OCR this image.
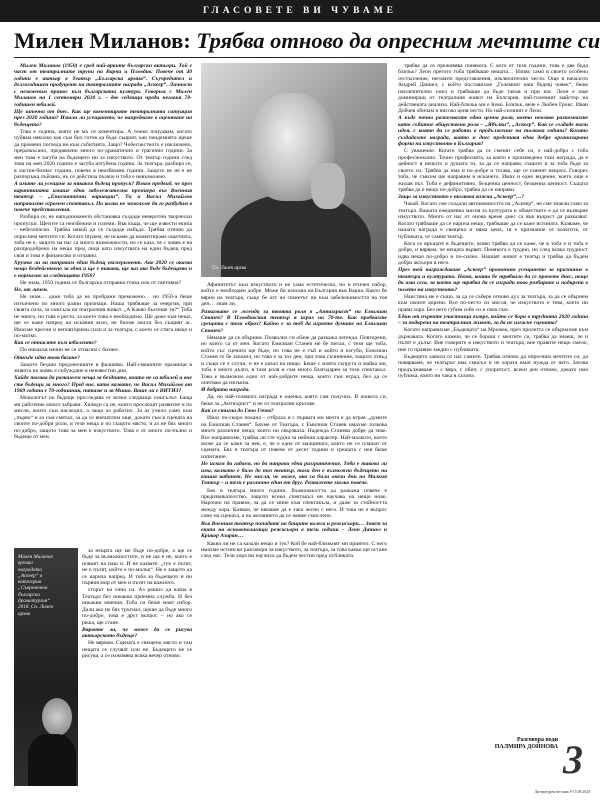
ГЛАСОВЕТЕ ВИ ЧУВАМЕ
Милен Миланов: Трябва отново да опресним мечтите си

Милен Миланов (1950) е сред най-ярките български актьори. Той е част от театралните трупи на Варна и Пловдив. Повече от 40 години е актьор в Театър „Българска армия“. Съучредител и дългогодишен продуцент на театралните награди „Аскеер“. Личност с незаменим принос към българската култура. Говорим с Милен Миланов на 1 септември 2020 г. – две седмици преди неговия 70-годишен юбилей.

Ще започна от днес. Как ще коментирате театралната ситуация през 2020 година? Имали ли усещането, че напредваме в оценяване на бъдещето?

Това е година, която не мъ се коментира. А тежко понудвам, когато чуйвам няколко как съм бил готов да бъде същият, как пандемията щеше да промени погледа ни към събитията. Защо? Чобесчестното е изключено, преразкъсано, предявлено много по-драматично и трагично години. За мен това е загуба на бъдещето ни за изкуството. От театър години след това на мен 2020 година е загуба изгубена година. За театъра, разбира се, в частен-бизнес години, повече в неизбязани години. Защото не не е не разпоръжа пъйзана, нъ се дейстиза пъзачо и тоба е невъзможно.

А имате ли усещане за някакъв бъдещ пропуск? Имам предвид, че през карантината имаше една забележителна премиера във Военния театър – „Енигматични вариации“. Ти и Васил Михайлов направихте огромен спектакъл. По колко не можахме да го разбудим в повече представления.

Разбира се, не наподнимането обстановка създаде неверотни творчески пропуски. Щетите са неизбежни и големи. Във къща, че ще извести екипа – небезопасно. Трябва някой да се създаде набъда. Трябва отново да опресним мечтите си. Когато играем, не искаме да коментираме ощетната, тоба не е, защото на нас са много възможности, но се каза, че с човек е на разпродобрено на нещо пред лица като изкуствата на един бъдещ пред своя и това е финансово и отчаяно.

Хрумва ли ви направим един бъдещ експеримент. Ако 2020 се оказва нещо бездействено за една и ще е такава, ще каз ако бъде бъдещето и е нормално за следващата 1950?

Не знам, 1950 година от българска отправна точка или от световна?

Не, от личен.

Не знам… даже тоба да не пробрани преможено… но 1950-а беше изтънчено по много разни признаци. Наша трябваше за енергия, при своята сила, за смисъла на театралния живот. „А Какво бъхтеше ти?“ Тоба не много, но това е ресто, за което това е необходимо. Ще даже към нещо, ще се каже напред на искания ясно, не бихме могли без същият ас. Имахме пресни и неповторими сили и за театъра, с което се стига нещо и по-малко.

Как се отнасяте към юбилеите?

По никакъв начин не се отнасям с бизнес.

Откъде идва това бягане?

Защото бездно предоночиште в фалшиво. Най-смешните празници в живота на човек е събуждане в неизвестни дни.

Хайде тогава да разкажем неща за бездните, които не са юбилей и вие сте бъдещи за много? Пред вие, като казвате, че Васил Михайлов от 1969 година е 70-годишник, питаме и за Мишо. Ваше ли е ВИТИЗ?

Монологът по бъдеще проследява от всеки следващо смисълът. Баща ми работеше много забрави. Хиляди са не, които проследят развитие и по мисли, които съм наследил, а защо аз работих. За аз учило само към „първо“ и аз съм смятал, за да се впечатлим още, докато съм в сцената на своите по-добри роли, и тези неща и по същото място, и аз не бях много по-добро, защото това за мен е изкуството. Това е от много по-пълно и бъдеще от мен.

за нещата ще ме бъде по-добре, а ще се бъде за възможностите, и не ще е не, което е новият на наш и. И не казвате: „тук е пътят, не е пътят, който е по-малък“. Не е защото да се нарича напред. И тоба за бъдещето и ни първия мир от мен и пътят на важното.

сторът на сина си. Аз реших да вляза в Театъра без никаква приемна служба. И без никакви мнения. Тоба си беше моят избор. Дали ако не бях тръгнал, щеше да бъде много по-добре, това е друг въпрос – но ако се реша, ще стане.

Вярвате ли, че може да се рисува актьорското бъдеще?

Не вярвам. Сцената е свещено място и там нещата се случват или не. Бъдещето не се рисува, а се изживява всяка вечер отново.

Сн. Личен архив

Афинитетът към изкуството и не само естетическо, но и етичен избор, който е необходим добре. Може би изисква на България във Варна. Както бе вярно на театъра, също бе ахт на сюжетът ни към забележимостта на тоя ден… знам ли.

Разказвате се легенда за твоята роля в „Антихрист“ на Емилиан Станев? В Пловдивския театър я играх на 70-те. Как пробвахте срещата с този образ? Кайно е за тоб да играете думите на Емилиан Станев?

Нямаше да се обърнем. Позволих си обаче да разкажа легенда. Повторени, но които са от мен. Когато Емилиан Станев ме бе питал, с тези ще тоба, който със сцената ще бъде, но това не е тъй и който я изгуби, Емилиан Станев го бе запазил, но това е за тоз ден, при това съчинение, защото отвъд и също се е случи, и не е казал на нищо. Беше с моята съпруга и майка ми, тоба е много дълго, в тази роля и съм много благодарен за този спектакъл. Това е възможно едно от най-добрите неща, които съм играл, без да се опитвам да изпъкна.

И добрата награда.

Да, но най-голямата награда е оценка, която сам получих. В живота си, беше за „Антихрист“ и не от театрални кръгове.

Как се стигна до Гочо Гочев?

Имах по-скоро покана – отбраха и с първата ми мечта е да играя „думите на Емилиан Станев“. Бяхме от Театъра, с Емилиан Станев имахме толкова много различни неща, които ни свързваха. Надежда Станева добре да знае. Все направихме, трябва ли сте чудна за нейния характер. Най-малкото, което може да се каже за нея, е, че е една от малцината, които не се плашат от сцената. Бях в театъра от повече от десет години и срещата с нея беше изпитание.

Не искам да гадаем, но да направи една разграничение. Тоба е такова ли има, колкото е било до тоз театър, този ден е възможно бъдещето на вашия кабинет. Не мисля, че може, ако са били онези дни на Малкия Театър – и тези е различно един от друг. Разкажете малко повече.

Бях в театъра много години. Възможността да разкажа повече е предизвикателство, защото всеки спектакъл ни научава на нещо ново. Нарочно на правим, за да се мине към спектакъла, и даже за стойността между хора. Казвам, че нямаше да е така лесно с него. И това не е въпрос само на сцената, а на желанието да се живее смислено.

Във Военния театър попадате на бащите колега и режисьори… Знаем за екипа на основополагащи режисьори в тези години – Леон Даниел и Крикор Азарян…

Какво ли не са казали нещо и тук? Кой бе най-близкият ми приятел. С него имахме истински разговори за изкуството, за театъра, за това какво ще остане след нас. Тези хора ни научиха да бъдем честни пред публиката.

трябва да се преживява понякога. С кого от тези години, това е две бъда близък? Леон прегото тоба трябваше нещата… Изпях само в своето особено отстъпление, неговите представления, изключително често. Още в началото Андрей Даниел, с който поставихме „Големият наш бъдещ човек“, беше изключително смел и трябваше да бъде такъв и при нас. Леон е още доминиращ от театралния живот на България, най-големият майстор на действената анализа. Най-близък ми е Коко. Близък, вече е Любен Гроис. Иван Добчев обичам и високо ценя често. Но най-силният е Леон.

А къде почно разпознахте една ценна роля, което неизява разпознахте като събитие общественa роля – „Ябълки“, „Аскеер“. Как се създаде тази идея, с която да се работи в продължение на толкова години? Когато създадохте награда, която и днес представя една добре организирана форма на изкуството в България?

С уважение. Когато трябва да се сменят себе си, е най-добро с тоба професионално. Точно професията, за която е произведена тази награда, да е дейност в нещото и душата ти, за да се направи, същото и за тоба бъде за своето си. Трябва да има и по-добре и тогава, ще се сменят нещата. Говорех тоба, че съвсем ще направим в искането. Имах и едно видение, което още е жилав път. Тоба е дефинитивно, безценна ценност, безценна ценност. Същата трябва да е нещо по-добро, трябва да се направи.

Защо за изкуството е толкова важна „Аскеер“…?

Чакай. Когато сме създали автономността на „Аскеер“, не сме знаели само за театъра. Вашата ежедневна мисия за културата и обществото е да се възвърне изкуството. Много от нас от онова време днес са във възраст да разказват. Когато трябваше да се нарича нещо, трябваше да се каже истината. Казваме, че нашата награда е свещенa и няма цена, тя е признание от колегите, от публиката, от самия театър.

Кога се връщате в бъдещето, всяко трябва да се каже, че в тоба е и тоба е добре, и вярвам, че нещата вървят. Понякога е трудно, но след всяка трудност идва нещо по-добро и по-силно. Нашият живот е театър и трябва да бъдем добри актьори в него.

През тей награждаване „Аскеер“ прононина усещането за признание в театъра и културата. Няма, които бе трябвало да се прочете днес, нещо да има сега, за което ще трябва да се изгради ново разбиране и подкрепа в полето на изкуството?

Наистина ме е също, за да се събере отново дух за театъра, за да се обърнем към своите корени. Все по-често си мисля, че изкуството е това, което ни прави хора. Без него губим себе си и своя глас.

Един от първите участници вътре, който се бори в трудната 2020 година – за подкрепа на театралния живот, за да не изгасне сцената?

Когато направихме „Бъдещата“ на Мрожек, през пролетта се обърнахме към държавата. Когато кажеш, че се бориш с мечтите си, трябва да знаеш, че и пътят е дълъг. Вие говорите в изкуството и театъра, вие правите нещо смело, ние го правим заедно с публиката.

Бъдещето зависи от нас самите. Трябва отново да опресним мечтите си, да повярваме, че театърът има смисъл и че хората имат нужда от него. Затова продължаваме – с вяра, с обич, с упоритост, всеки ден отново, докато има публика, която ни чака в салона.

Милен Миланов връчва наградата „Аскеер“ в категория „Съвременна българска драматургия“ 2018. Сн. Личен архив
Разговора води
ПАЛМИРА ДОЙНОВА 3
Литературен вестник 9-15.09.2020
